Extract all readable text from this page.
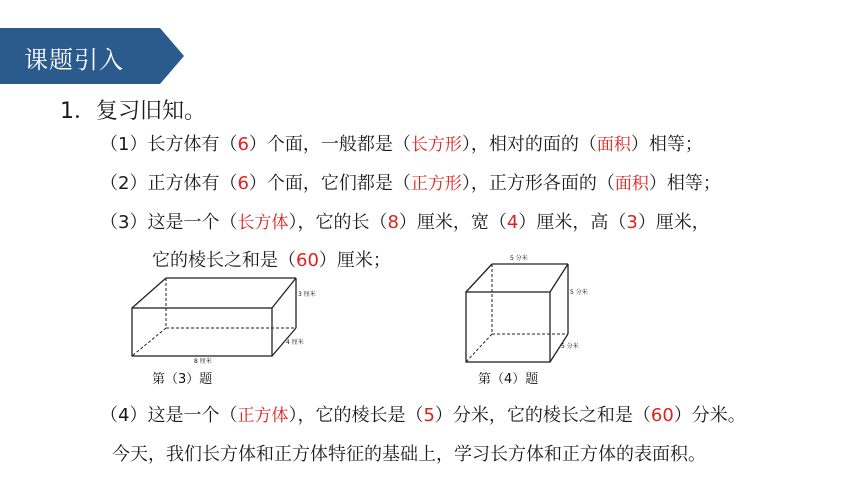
课题引入
1．复习旧知。
（1）长方体有（6）个面，一般都是（长方形），相对的面的（面积）相等；
（2）正方体有（6）个面，它们都是（正方形），正方形各面的（面积）相等；
（3）这是一个（长方体），它的长（8）厘米，宽（4）厘米，高（3）厘米，
它的棱长之和是（60）厘米；
3 厘米
4 厘米
8 厘米
第（3）题
5 分米
5 分米
5 分米
第（4）题
（4）这是一个（正方体），它的棱长是（5）分米，它的棱长之和是（60）分米。
今天，我们长方体和正方体特征的基础上，学习长方体和正方体的表面积。
